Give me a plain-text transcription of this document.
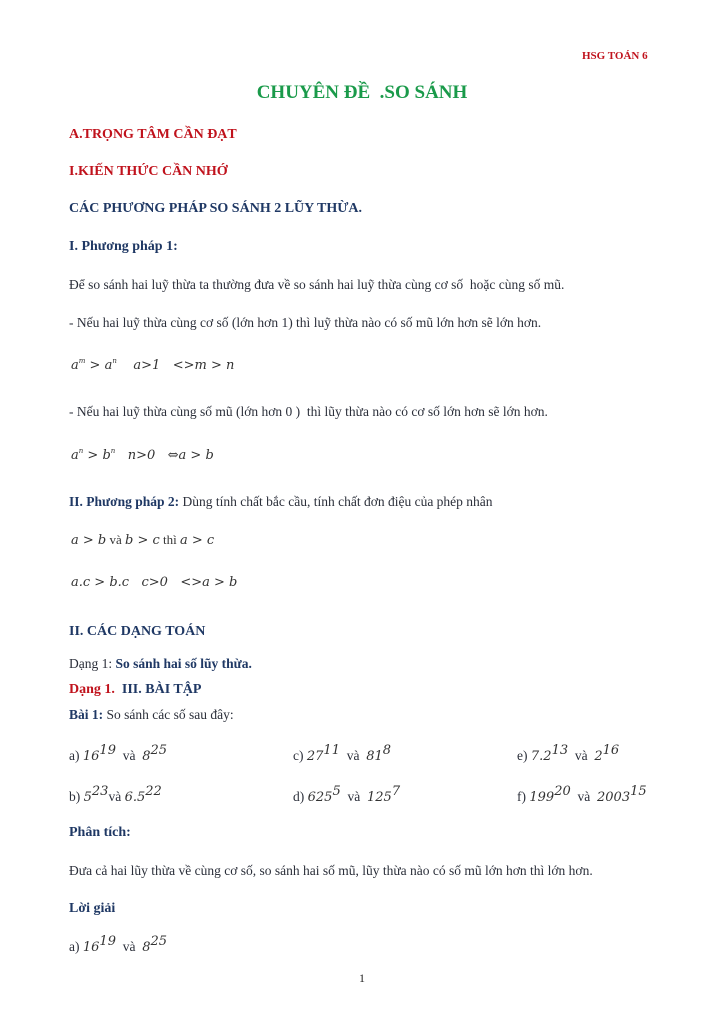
HSG TOÁN 6
CHUYÊN ĐỀ  .SO SÁNH
A.TRỌNG TÂM CẦN ĐẠT
I.KIẾN THỨC CẦN NHỚ
CÁC PHƯƠNG PHÁP SO SÁNH 2 LŨY THỪA.
I. Phương pháp 1:
Để so sánh hai luỹ thừa ta thường đưa về so sánh hai luỹ thừa cùng cơ số  hoặc cùng số mũ.
- Nếu hai luỹ thừa cùng cơ số (lớn hơn 1) thì luỹ thừa nào có số mũ lớn hơn sẽ lớn hơn.
$a^m > a^n$ a>1 <>m > n
- Nếu hai luỹ thừa cùng số mũ (lớn hơn 0 )  thì lũy thừa nào có cơ số lớn hơn sẽ lớn hơn.
$a^n > b^n$ n>0 ⇔a > b
II. Phương pháp 2: Dùng tính chất bắc cầu, tính chất đơn điệu của phép nhân
a > b và b > c thì a > c
a.c > b.c c>0 <>a > b
II. CÁC DẠNG TOÁN
Dạng 1: So sánh hai số lũy thừa.
Dạng 1.  III. BÀI TẬP
Bài 1: So sánh các số sau đây:
a) $16^{19}$  và  $8^{25}$	c) $27^{11}$  và  $81^8$	e) $7.2^{13}$  và  $2^{16}$
b) $5^{23}và$ $6.5^{22}$	d) $625^5$  và  $125^7$	f) $199^{20}$  và  2003$^{15}$
Phân tích:
Đưa cả hai lũy thừa về cùng cơ số, so sánh hai số mũ, lũy thừa nào có số mũ lớn hơn thì lớn hơn.
Lời giải
a) $16^{19}$  và  $8^{25}$
1
